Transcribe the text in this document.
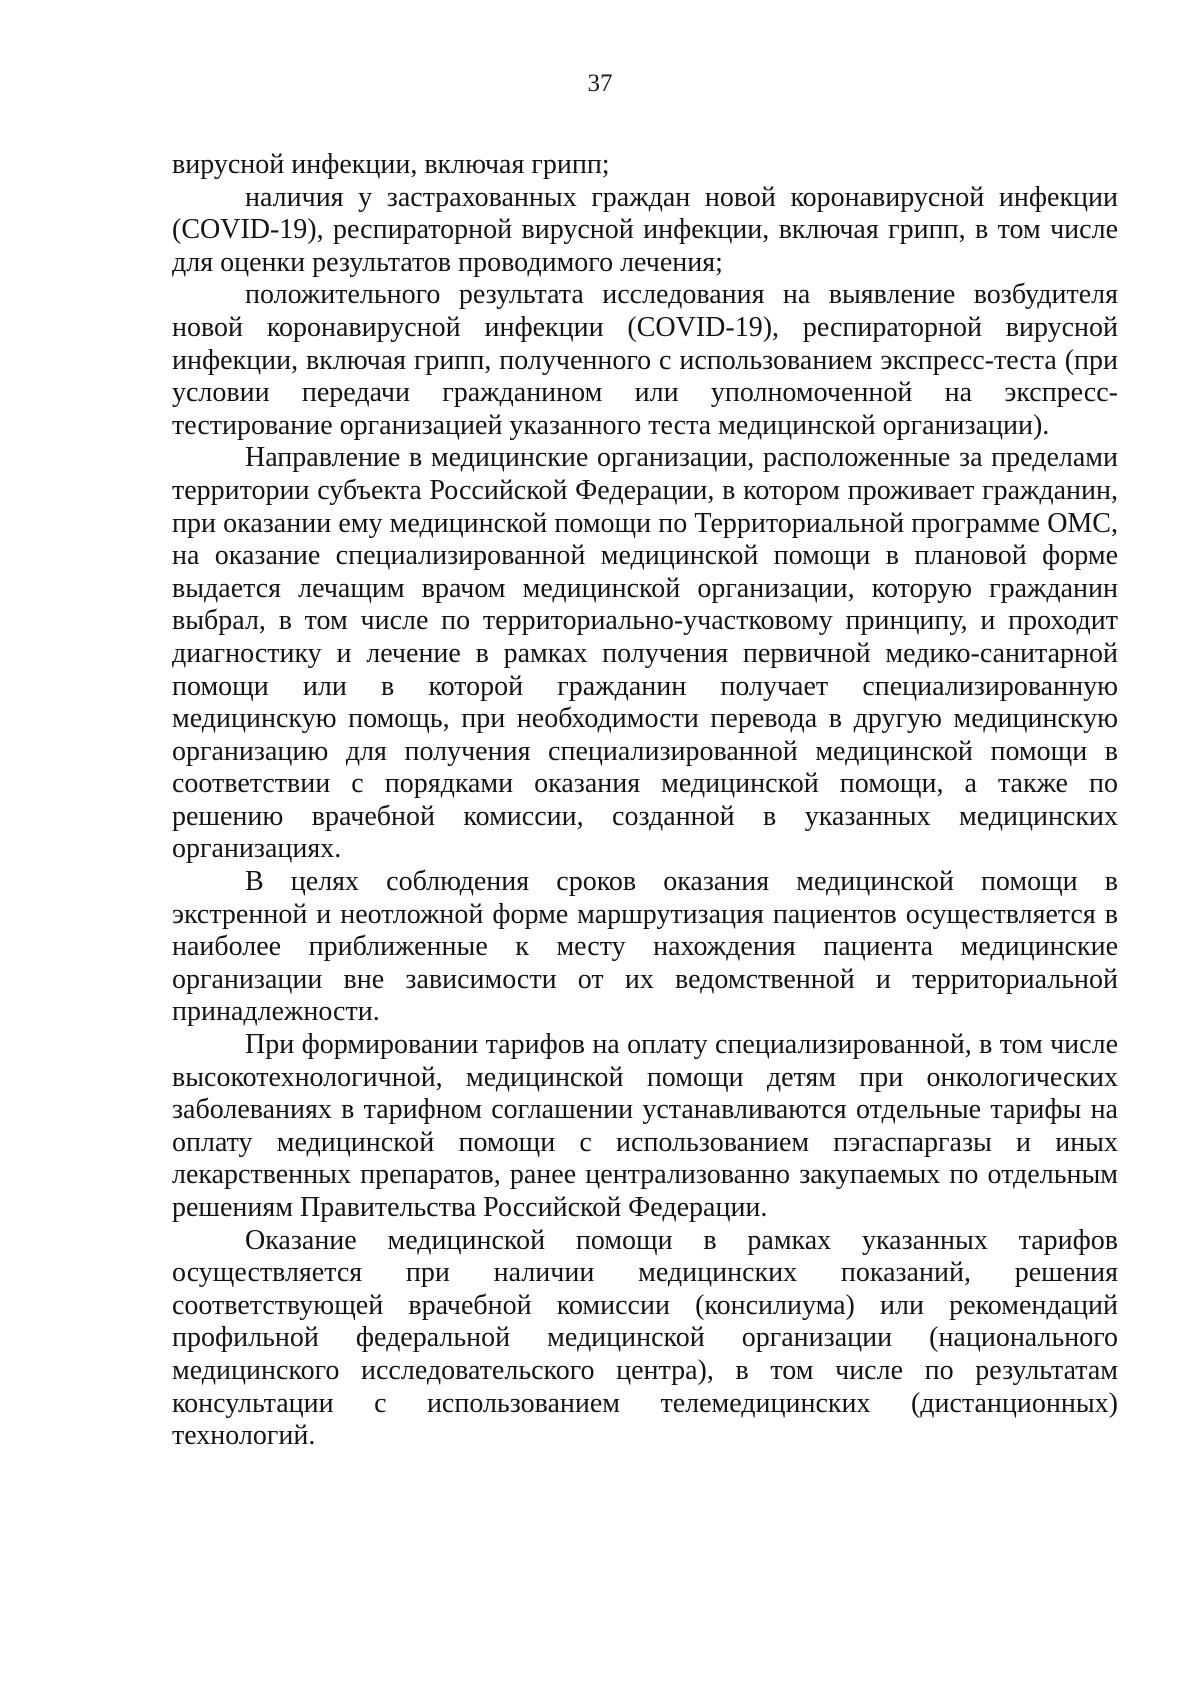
37

вирусной инфекции, включая грипп;

наличия у застрахованных граждан новой коронавирусной инфекции (COVID-19), респираторной вирусной инфекции, включая грипп, в том числе для оценки результатов проводимого лечения;

положительного результата исследования на выявление возбудителя новой коронавирусной инфекции (COVID-19), респираторной вирусной инфекции, включая грипп, полученного с использованием экспресс-теста (при условии передачи гражданином или уполномоченной на экспресс-тестирование организацией указанного теста медицинской организации).

Направление в медицинские организации, расположенные за пределами территории субъекта Российской Федерации, в котором проживает гражданин, при оказании ему медицинской помощи по Территориальной программе ОМС, на оказание специализированной медицинской помощи в плановой форме выдается лечащим врачом медицинской организации, которую гражданин выбрал, в том числе по территориально-участковому принципу, и проходит диагностику и лечение в рамках получения первичной медико-санитарной помощи или в которой гражданин получает специализированную медицинскую помощь, при необходимости перевода в другую медицинскую организацию для получения специализированной медицинской помощи в соответствии с порядками оказания медицинской помощи, а также по решению врачебной комиссии, созданной в указанных медицинских организациях.

В целях соблюдения сроков оказания медицинской помощи в экстренной и неотложной форме маршрутизация пациентов осуществляется в наиболее приближенные к месту нахождения пациента медицинские организации вне зависимости от их ведомственной и территориальной принадлежности.

При формировании тарифов на оплату специализированной, в том числе высокотехнологичной, медицинской помощи детям при онкологических заболеваниях в тарифном соглашении устанавливаются отдельные тарифы на оплату медицинской помощи с использованием пэгаспаргазы и иных лекарственных препаратов, ранее централизованно закупаемых по отдельным решениям Правительства Российской Федерации.

Оказание медицинской помощи в рамках указанных тарифов осуществляется при наличии медицинских показаний, решения соответствующей врачебной комиссии (консилиума) или рекомендаций профильной федеральной медицинской организации (национального медицинского исследовательского центра), в том числе по результатам консультации с использованием телемедицинских (дистанционных) технологий.
